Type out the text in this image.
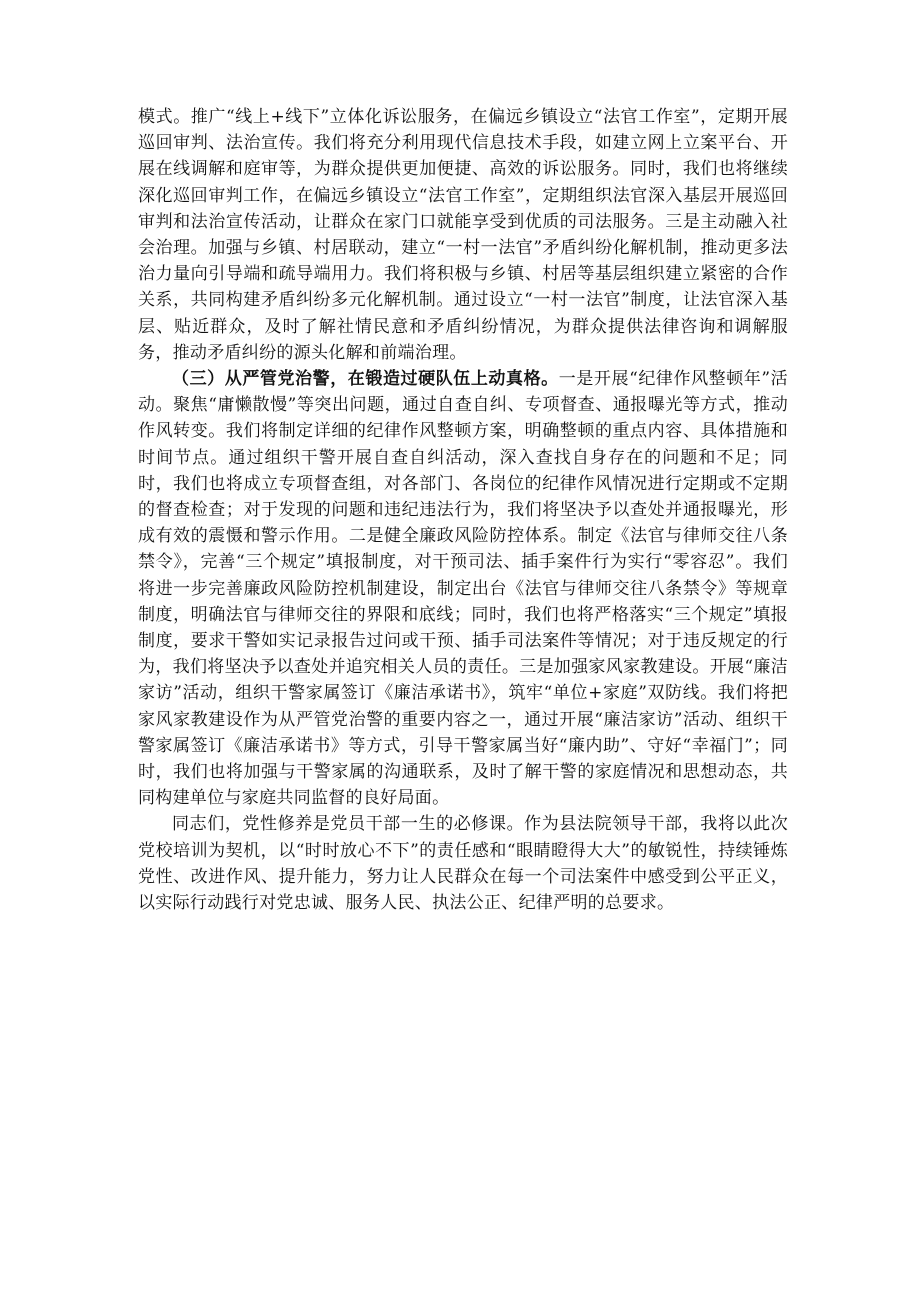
模式。推广“线上+线下”立体化诉讼服务，在偏远乡镇设立“法官工作室”，定期开展巡回审判、法治宣传。我们将充分利用现代信息技术手段，如建立网上立案平台、开展在线调解和庭审等，为群众提供更加便捷、高效的诉讼服务。同时，我们也将继续深化巡回审判工作，在偏远乡镇设立“法官工作室”，定期组织法官深入基层开展巡回审判和法治宣传活动，让群众在家门口就能享受到优质的司法服务。三是主动融入社会治理。加强与乡镇、村居联动，建立“一村一法官”矛盾纠纷化解机制，推动更多法治力量向引导端和疏导端用力。我们将积极与乡镇、村居等基层组织建立紧密的合作关系，共同构建矛盾纠纷多元化解机制。通过设立“一村一法官”制度，让法官深入基层、贴近群众，及时了解社情民意和矛盾纠纷情况，为群众提供法律咨询和调解服务，推动矛盾纠纷的源头化解和前端治理。

（三）从严管党治警，在锻造过硬队伍上动真格。一是开展“纪律作风整顿年”活动。聚焦“庸懒散慢”等突出问题，通过自查自纠、专项督查、通报曝光等方式，推动作风转变。我们将制定详细的纪律作风整顿方案，明确整顿的重点内容、具体措施和时间节点。通过组织干警开展自查自纠活动，深入查找自身存在的问题和不足；同时，我们也将成立专项督查组，对各部门、各岗位的纪律作风情况进行定期或不定期的督查检查；对于发现的问题和违纪违法行为，我们将坚决予以查处并通报曝光，形成有效的震慑和警示作用。二是健全廉政风险防控体系。制定《法官与律师交往八条禁令》，完善“三个规定”填报制度，对干预司法、插手案件行为实行“零容忍”。我们将进一步完善廉政风险防控机制建设，制定出台《法官与律师交往八条禁令》等规章制度，明确法官与律师交往的界限和底线；同时，我们也将严格落实“三个规定”填报制度，要求干警如实记录报告过问或干预、插手司法案件等情况；对于违反规定的行为，我们将坚决予以查处并追究相关人员的责任。三是加强家风家教建设。开展“廉洁家访”活动，组织干警家属签订《廉洁承诺书》，筑牢“单位+家庭”双防线。我们将把家风家教建设作为从严管党治警的重要内容之一，通过开展“廉洁家访”活动、组织干警家属签订《廉洁承诺书》等方式，引导干警家属当好“廉内助”、守好“幸福门”；同时，我们也将加强与干警家属的沟通联系，及时了解干警的家庭情况和思想动态，共同构建单位与家庭共同监督的良好局面。

同志们，党性修养是党员干部一生的必修课。作为县法院领导干部，我将以此次党校培训为契机，以“时时放心不下”的责任感和“眼睛瞪得大大”的敏锐性，持续锤炼党性、改进作风、提升能力，努力让人民群众在每一个司法案件中感受到公平正义，以实际行动践行对党忠诚、服务人民、执法公正、纪律严明的总要求。
